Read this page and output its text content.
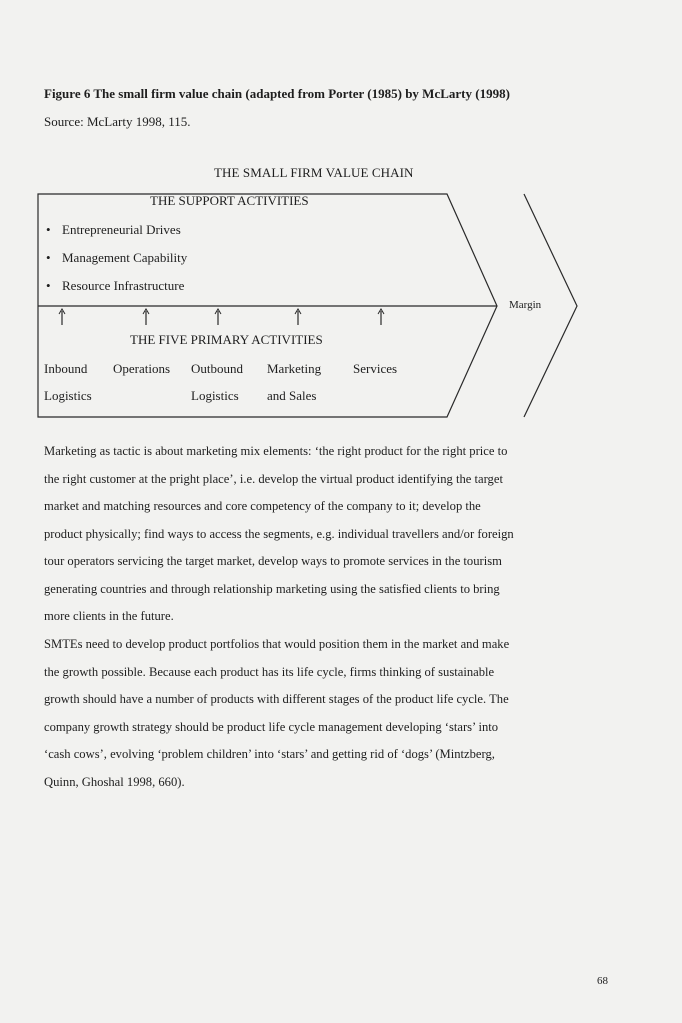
Figure 6 The small firm value chain (adapted from Porter (1985) by McLarty (1998)
Source: McLarty 1998, 115.
THE SMALL FIRM VALUE CHAIN
THE SUPPORT ACTIVITIES
• Entrepreneurial Drives
• Management Capability
• Resource Infrastructure
THE FIVE PRIMARY ACTIVITIES
Inbound
Logistics
Operations Outbound
Logistics
Marketing
and Sales
Services
Margin
Marketing as tactic is about marketing mix elements: ‘the right product for the right price to
the right customer at the pright place’, i.e. develop the virtual product identifying the target
market and matching resources and core competency of the company to it; develop the
product physically; find ways to access the segments, e.g. individual travellers and/or foreign
tour operators servicing the target market, develop ways to promote services in the tourism
generating countries and through relationship marketing using the satisfied clients to bring
more clients in the future.
SMTEs need to develop product portfolios that would position them in the market and make
the growth possible. Because each product has its life cycle, firms thinking of sustainable
growth should have a number of products with different stages of the product life cycle. The
company growth strategy should be product life cycle management developing ‘stars’ into
‘cash cows’, evolving ‘problem children’ into ‘stars’ and getting rid of ‘dogs’ (Mintzberg,
Quinn, Ghoshal 1998, 660).
68
